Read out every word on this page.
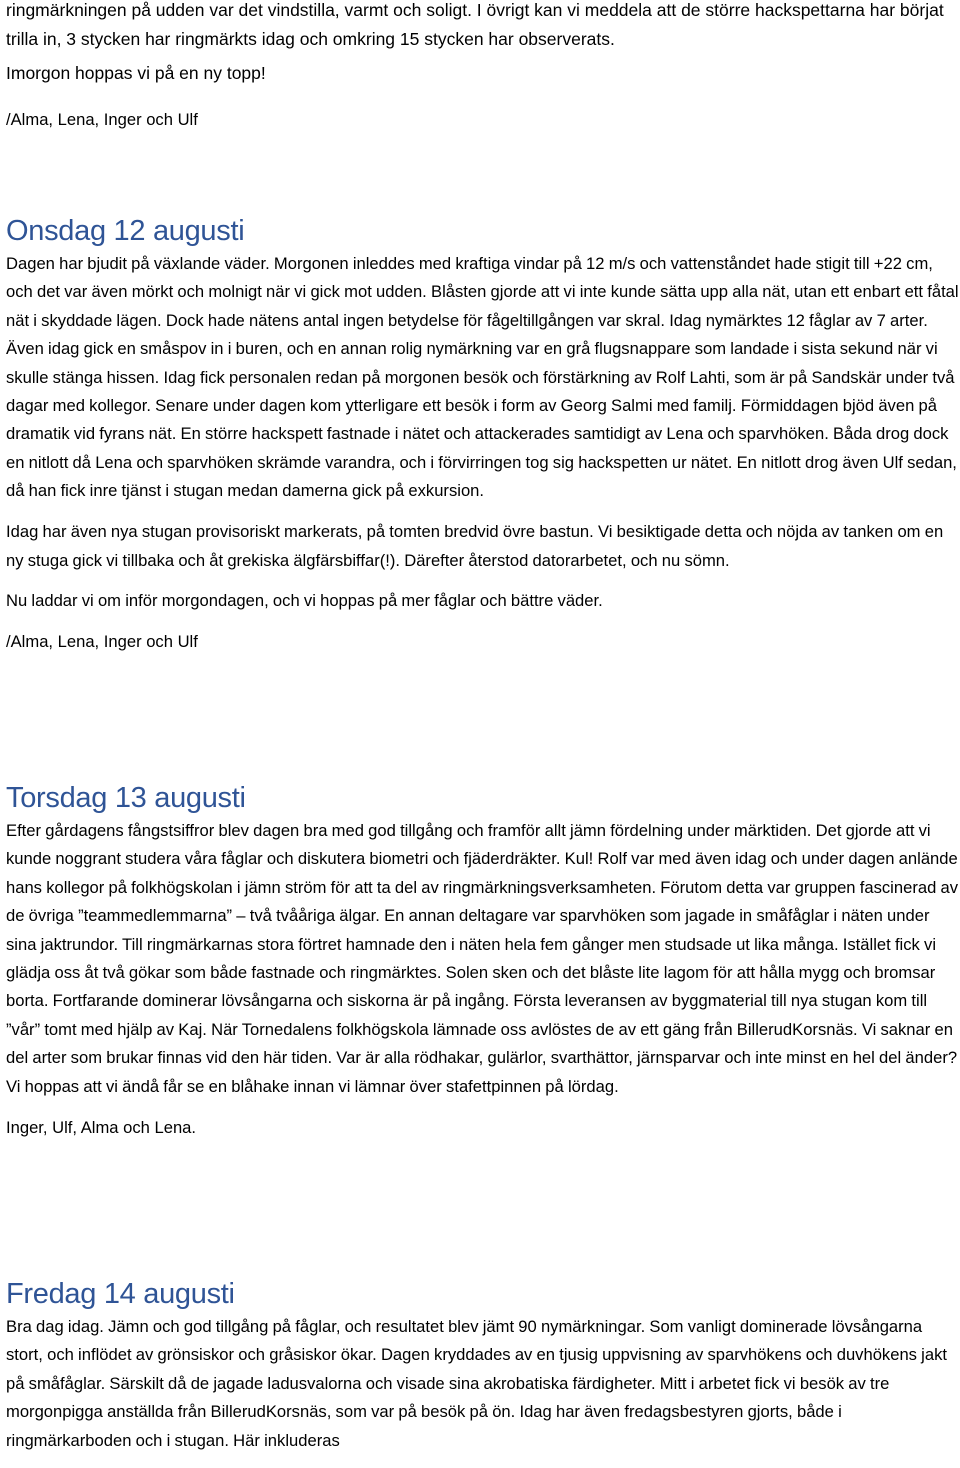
ringmärkningen på udden var det vindstilla, varmt och soligt. I övrigt kan vi meddela att de större hackspettarna har börjat trilla in, 3 stycken har ringmärkts idag och omkring 15 stycken har observerats.

Imorgon hoppas vi på en ny topp!

/Alma, Lena, Inger och Ulf

Onsdag 12 augusti

Dagen har bjudit på växlande väder. Morgonen inleddes med kraftiga vindar på 12 m/s och vattenståndet hade stigit till +22 cm, och det var även mörkt och molnigt när vi gick mot udden. Blåsten gjorde att vi inte kunde sätta upp alla nät, utan ett enbart ett fåtal nät i skyddade lägen. Dock hade nätens antal ingen betydelse för fågeltillgången var skral. Idag nymärktes 12 fåglar av 7 arter. Även idag gick en småspov in i buren, och en annan rolig nymärkning var en grå flugsnappare som landade i sista sekund när vi skulle stänga hissen. Idag fick personalen redan på morgonen besök och förstärkning av Rolf Lahti, som är på Sandskär under två dagar med kollegor. Senare under dagen kom ytterligare ett besök i form av Georg Salmi med familj. Förmiddagen bjöd även på dramatik vid fyrans nät. En större hackspett fastnade i nätet och attackerades samtidigt av Lena och sparvhöken. Båda drog dock en nitlott då Lena och sparvhöken skrämde varandra, och i förvirringen tog sig hackspetten ur nätet. En nitlott drog även Ulf sedan, då han fick inre tjänst i stugan medan damerna gick på exkursion.

Idag har även nya stugan provisoriskt markerats, på tomten bredvid övre bastun. Vi besiktigade detta och nöjda av tanken om en ny stuga gick vi tillbaka och åt grekiska älgfärsbiffar(!). Därefter återstod datorarbetet, och nu sömn.

Nu laddar vi om inför morgondagen, och vi hoppas på mer fåglar och bättre väder.

/Alma, Lena, Inger och Ulf

Torsdag 13 augusti

Efter gårdagens fångstsiffror blev dagen bra med god tillgång och framför allt jämn fördelning under märktiden. Det gjorde att vi kunde noggrant studera våra fåglar och diskutera biometri och fjäderdräkter. Kul! Rolf var med även idag och under dagen anlände hans kollegor på folkhögskolan i jämn ström för att ta del av ringmärkningsverksamheten. Förutom detta var gruppen fascinerad av de övriga ”teammedlemmarna” – två tvååriga älgar. En annan deltagare var sparvhöken som jagade in småfåglar i näten under sina jaktrundor. Till ringmärkarnas stora förtret hamnade den i näten hela fem gånger men studsade ut lika många. Istället fick vi glädja oss åt två gökar som både fastnade och ringmärktes. Solen sken och det blåste lite lagom för att hålla mygg och bromsar borta. Fortfarande dominerar lövsångarna och siskorna är på ingång. Första leveransen av byggmaterial till nya stugan kom till ”vår” tomt med hjälp av Kaj. När Tornedalens folkhögskola lämnade oss avlöstes de av ett gäng från BillerudKorsnäs. Vi saknar en del arter som brukar finnas vid den här tiden. Var är alla rödhakar, gulärlor, svarthättor, järnsparvar och inte minst en hel del änder? Vi hoppas att vi ändå får se en blåhake innan vi lämnar över stafettpinnen på lördag.

Inger, Ulf, Alma och Lena.

Fredag 14 augusti

Bra dag idag. Jämn och god tillgång på fåglar, och resultatet blev jämt 90 nymärkningar. Som vanligt dominerade lövsångarna stort, och inflödet av grönsiskor och gråsiskor ökar. Dagen kryddades av en tjusig uppvisning av sparvhökens och duvhökens jakt på småfåglar. Särskilt då de jagade ladusvalorna och visade sina akrobatiska färdigheter. Mitt i arbetet fick vi besök av tre morgonpigga anställda från BillerudKorsnäs, som var på besök på ön. Idag har även fredagsbestyren gjorts, både i ringmärkarboden och i stugan. Här inkluderas
